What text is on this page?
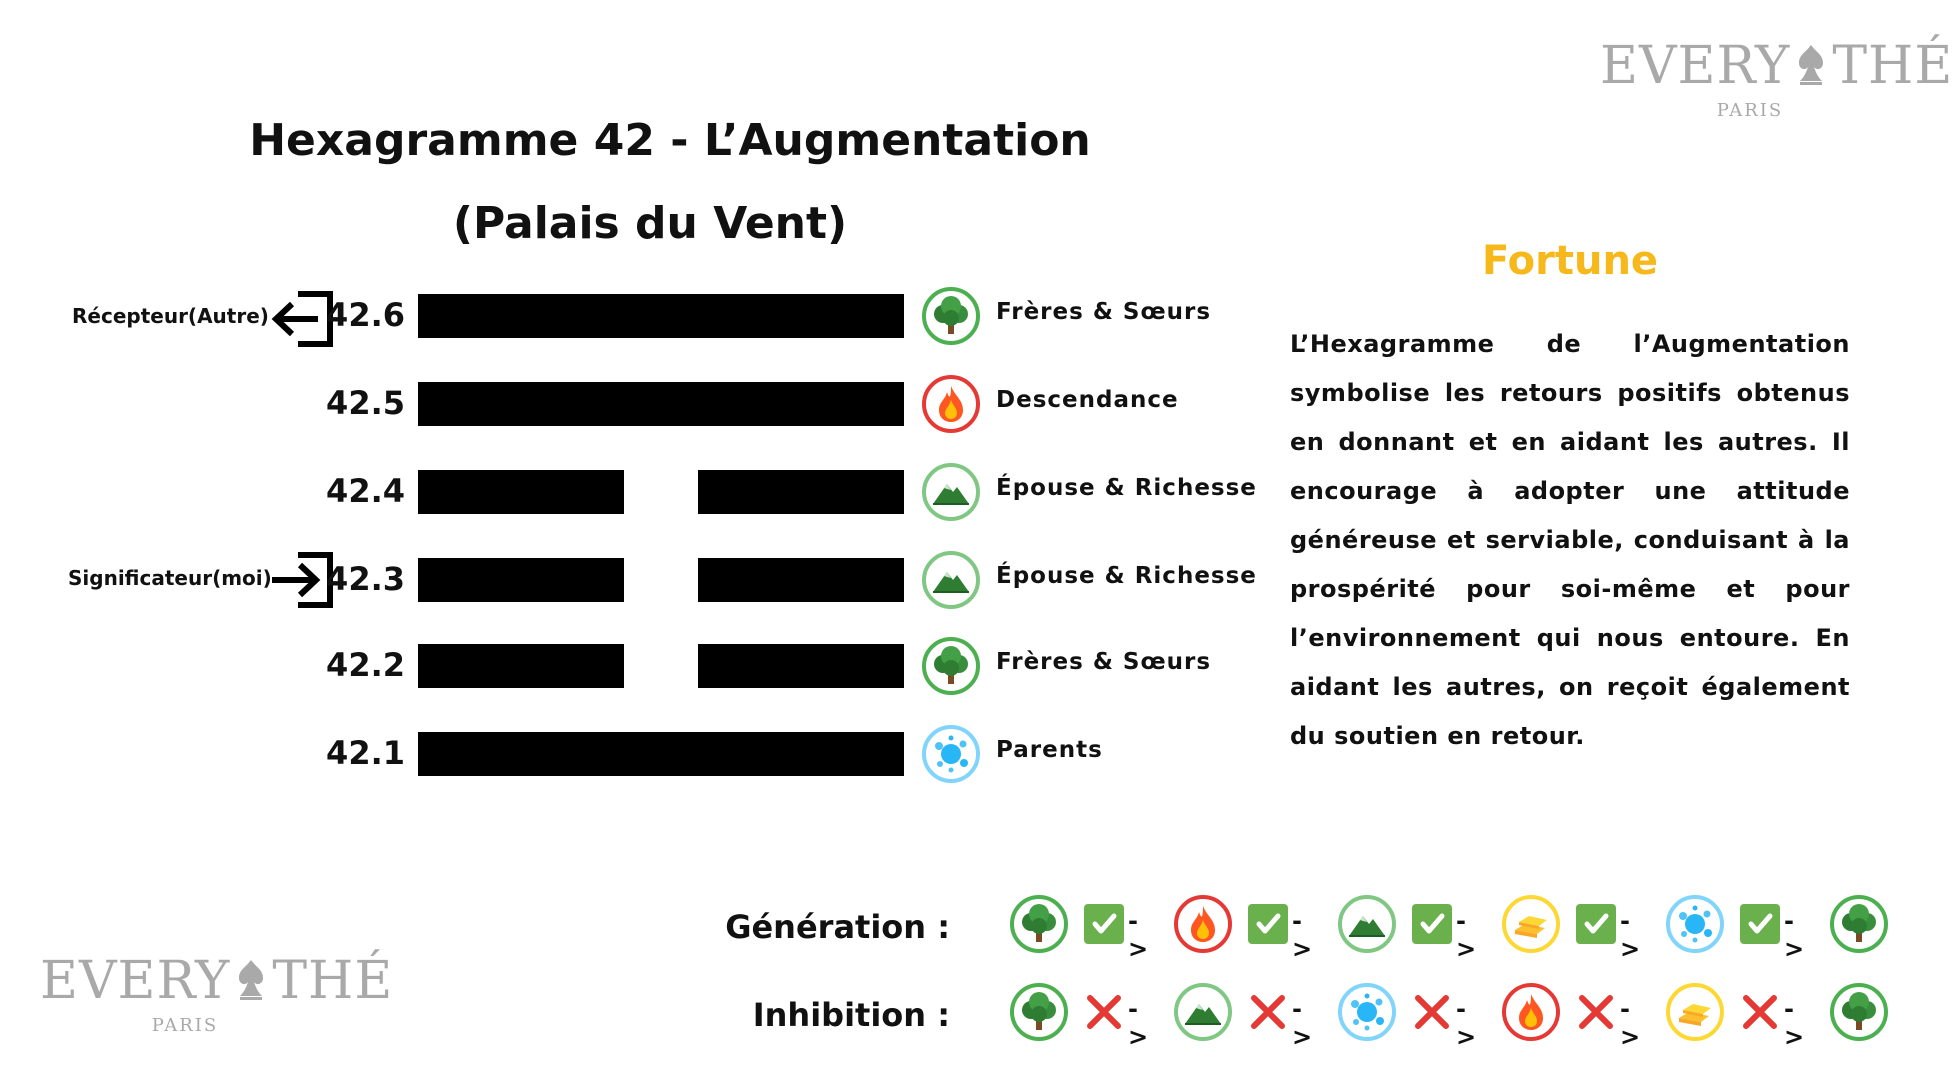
EVERY THÉ
PARIS
EVERY THÉ
PARIS
Hexagramme 42 - L’Augmentation
(Palais du Vent)
Récepteur(Autre)
Significateur(moi)
42.6	Frères & Sœurs
42.5	Descendance
42.4	Épouse & Richesse
42.3	Épouse & Richesse
42.2	Frères & Sœurs
42.1	Parents
Fortune
L’Hexagramme de l’Augmentation symbolise les retours positifs obtenus en donnant et en aidant les autres. Il encourage à adopter une attitude généreuse et serviable, conduisant à la prospérité pour soi-même et pour l’environnement qui nous entoure. En aidant les autres, on reçoit également du soutien en retour.
Génération :
Inhibition :
->
->
->
->
->
->
->
->
->
->
